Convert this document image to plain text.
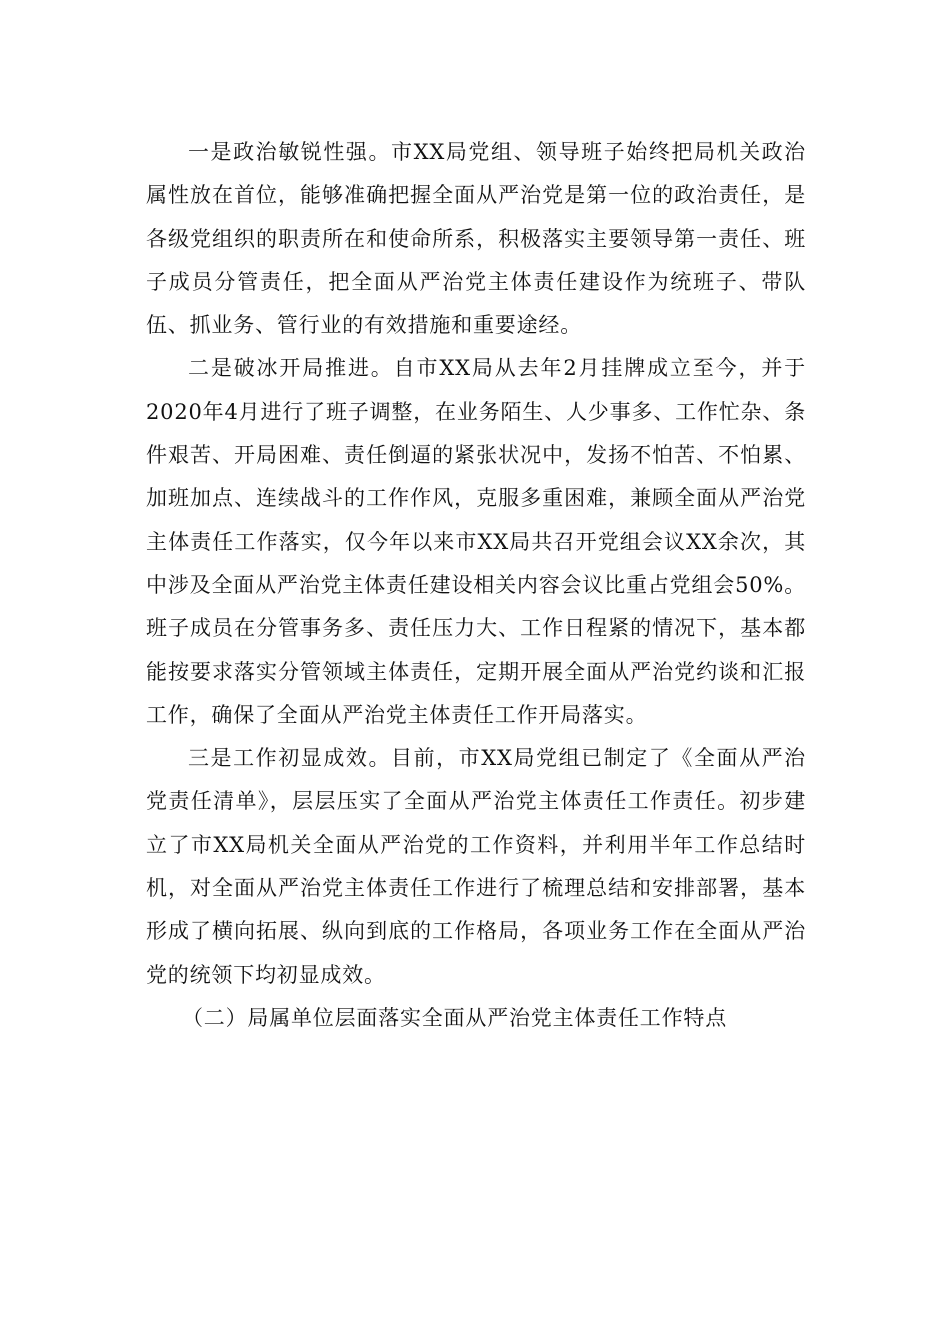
一是政治敏锐性强。市XX局党组、领导班子始终把局机关政治属性放在首位，能够准确把握全面从严治党是第一位的政治责任，是各级党组织的职责所在和使命所系，积极落实主要领导第一责任、班子成员分管责任，把全面从严治党主体责任建设作为统班子、带队伍、抓业务、管行业的有效措施和重要途经。

二是破冰开局推进。自市XX局从去年2月挂牌成立至今，并于2020年4月进行了班子调整，在业务陌生、人少事多、工作忙杂、条件艰苦、开局困难、责任倒逼的紧张状况中，发扬不怕苦、不怕累、加班加点、连续战斗的工作作风，克服多重困难，兼顾全面从严治党主体责任工作落实，仅今年以来市XX局共召开党组会议XX余次，其中涉及全面从严治党主体责任建设相关内容会议比重占党组会50%。班子成员在分管事务多、责任压力大、工作日程紧的情况下，基本都能按要求落实分管领域主体责任，定期开展全面从严治党约谈和汇报工作，确保了全面从严治党主体责任工作开局落实。

三是工作初显成效。目前，市XX局党组已制定了《全面从严治党责任清单》，层层压实了全面从严治党主体责任工作责任。初步建立了市XX局机关全面从严治党的工作资料，并利用半年工作总结时机，对全面从严治党主体责任工作进行了梳理总结和安排部署，基本形成了横向拓展、纵向到底的工作格局，各项业务工作在全面从严治党的统领下均初显成效。

（二）局属单位层面落实全面从严治党主体责任工作特点
